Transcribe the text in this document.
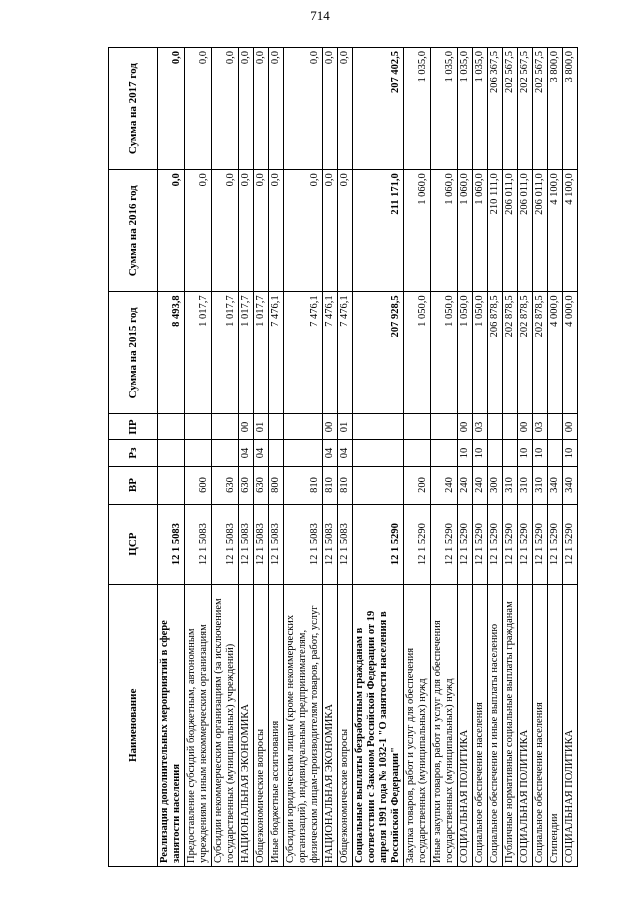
714
Наименование	ЦСР	ВР	Рз	ПР	Сумма на 2015 год	Сумма на 2016 год	Сумма на 2017 год
Реализация дополнительных мероприятий в сфере занятости населения	12 1 5083				8 493,8	0,0	0,0
Предоставление субсидий бюджетным, автономным учреждениям и иным некоммерческим организациям	12 1 5083	600			1 017,7	0,0	0,0
Субсидии некоммерческим организациям (за исключением государственных (муниципальных) учреждений)	12 1 5083	630			1 017,7	0,0	0,0
НАЦИОНАЛЬНАЯ ЭКОНОМИКА	12 1 5083	630	04	00	1 017,7	0,0	0,0
Общеэкономические вопросы	12 1 5083	630	04	01	1 017,7	0,0	0,0
Иные бюджетные ассигнования	12 1 5083	800			7 476,1	0,0	0,0
Субсидии юридическим лицам (кроме некоммерческих организаций), индивидуальным предпринимателям, физическим лицам-производителям товаров, работ, услуг	12 1 5083	810			7 476,1	0,0	0,0
НАЦИОНАЛЬНАЯ ЭКОНОМИКА	12 1 5083	810	04	00	7 476,1	0,0	0,0
Общеэкономические вопросы	12 1 5083	810	04	01	7 476,1	0,0	0,0
Социальные выплаты безработным гражданам в соответствии с Законом Российской Федерации от 19 апреля 1991 года № 1032-1 "О занятости населения в Российской Федерации"	12 1 5290				207 928,5	211 171,0	207 402,5
Закупка товаров, работ и услуг для обеспечения государственных (муниципальных) нужд	12 1 5290	200			1 050,0	1 060,0	1 035,0
Иные закупки товаров, работ и услуг для обеспечения государственных (муниципальных) нужд	12 1 5290	240			1 050,0	1 060,0	1 035,0
СОЦИАЛЬНАЯ ПОЛИТИКА	12 1 5290	240	10	00	1 050,0	1 060,0	1 035,0
Социальное обеспечение населения	12 1 5290	240	10	03	1 050,0	1 060,0	1 035,0
Социальное обеспечение и иные выплаты населению	12 1 5290	300			206 878,5	210 111,0	206 367,5
Публичные нормативные социальные выплаты гражданам	12 1 5290	310			202 878,5	206 011,0	202 567,5
СОЦИАЛЬНАЯ ПОЛИТИКА	12 1 5290	310	10	00	202 878,5	206 011,0	202 567,5
Социальное обеспечение населения	12 1 5290	310	10	03	202 878,5	206 011,0	202 567,5
Стипендии	12 1 5290	340			4 000,0	4 100,0	3 800,0
СОЦИАЛЬНАЯ ПОЛИТИКА	12 1 5290	340	10	00	4 000,0	4 100,0	3 800,0
